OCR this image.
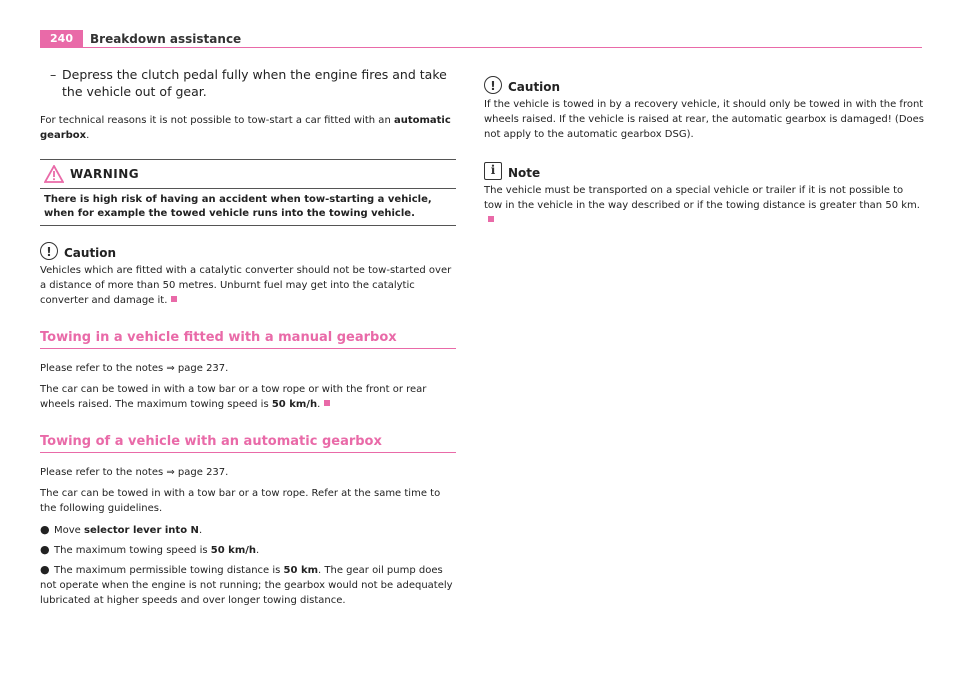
240	Breakdown assistance

– Depress the clutch pedal fully when the engine fires and take the vehicle out of gear.

For technical reasons it is not possible to tow-start a car fitted with an automatic gearbox.

WARNING
There is high risk of having an accident when tow-starting a vehicle, when for example the towed vehicle runs into the towing vehicle.
!	Caution

Vehicles which are fitted with a catalytic converter should not be tow-started over a distance of more than 50 metres. Unburnt fuel may get into the catalytic converter and damage it.

Towing in a vehicle fitted with a manual gearbox

Please refer to the notes ⇒ page 237.

The car can be towed in with a tow bar or a tow rope or with the front or rear wheels raised. The maximum towing speed is 50 km/h.

Towing of a vehicle with an automatic gearbox

Please refer to the notes ⇒ page 237.

The car can be towed in with a tow bar or a tow rope. Refer at the same time to the following guidelines.

● Move selector lever into N.

● The maximum towing speed is 50 km/h.

● The maximum permissible towing distance is 50 km. The gear oil pump does not operate when the engine is not running; the gearbox would not be adequately lubricated at higher speeds and over longer towing distance.

!	Caution

If the vehicle is towed in by a recovery vehicle, it should only be towed in with the front wheels raised. If the vehicle is raised at rear, the automatic gearbox is damaged! (Does not apply to the automatic gearbox DSG).

i	Note

The vehicle must be transported on a special vehicle or trailer if it is not possible to tow in the vehicle in the way described or if the towing distance is greater than 50 km.
